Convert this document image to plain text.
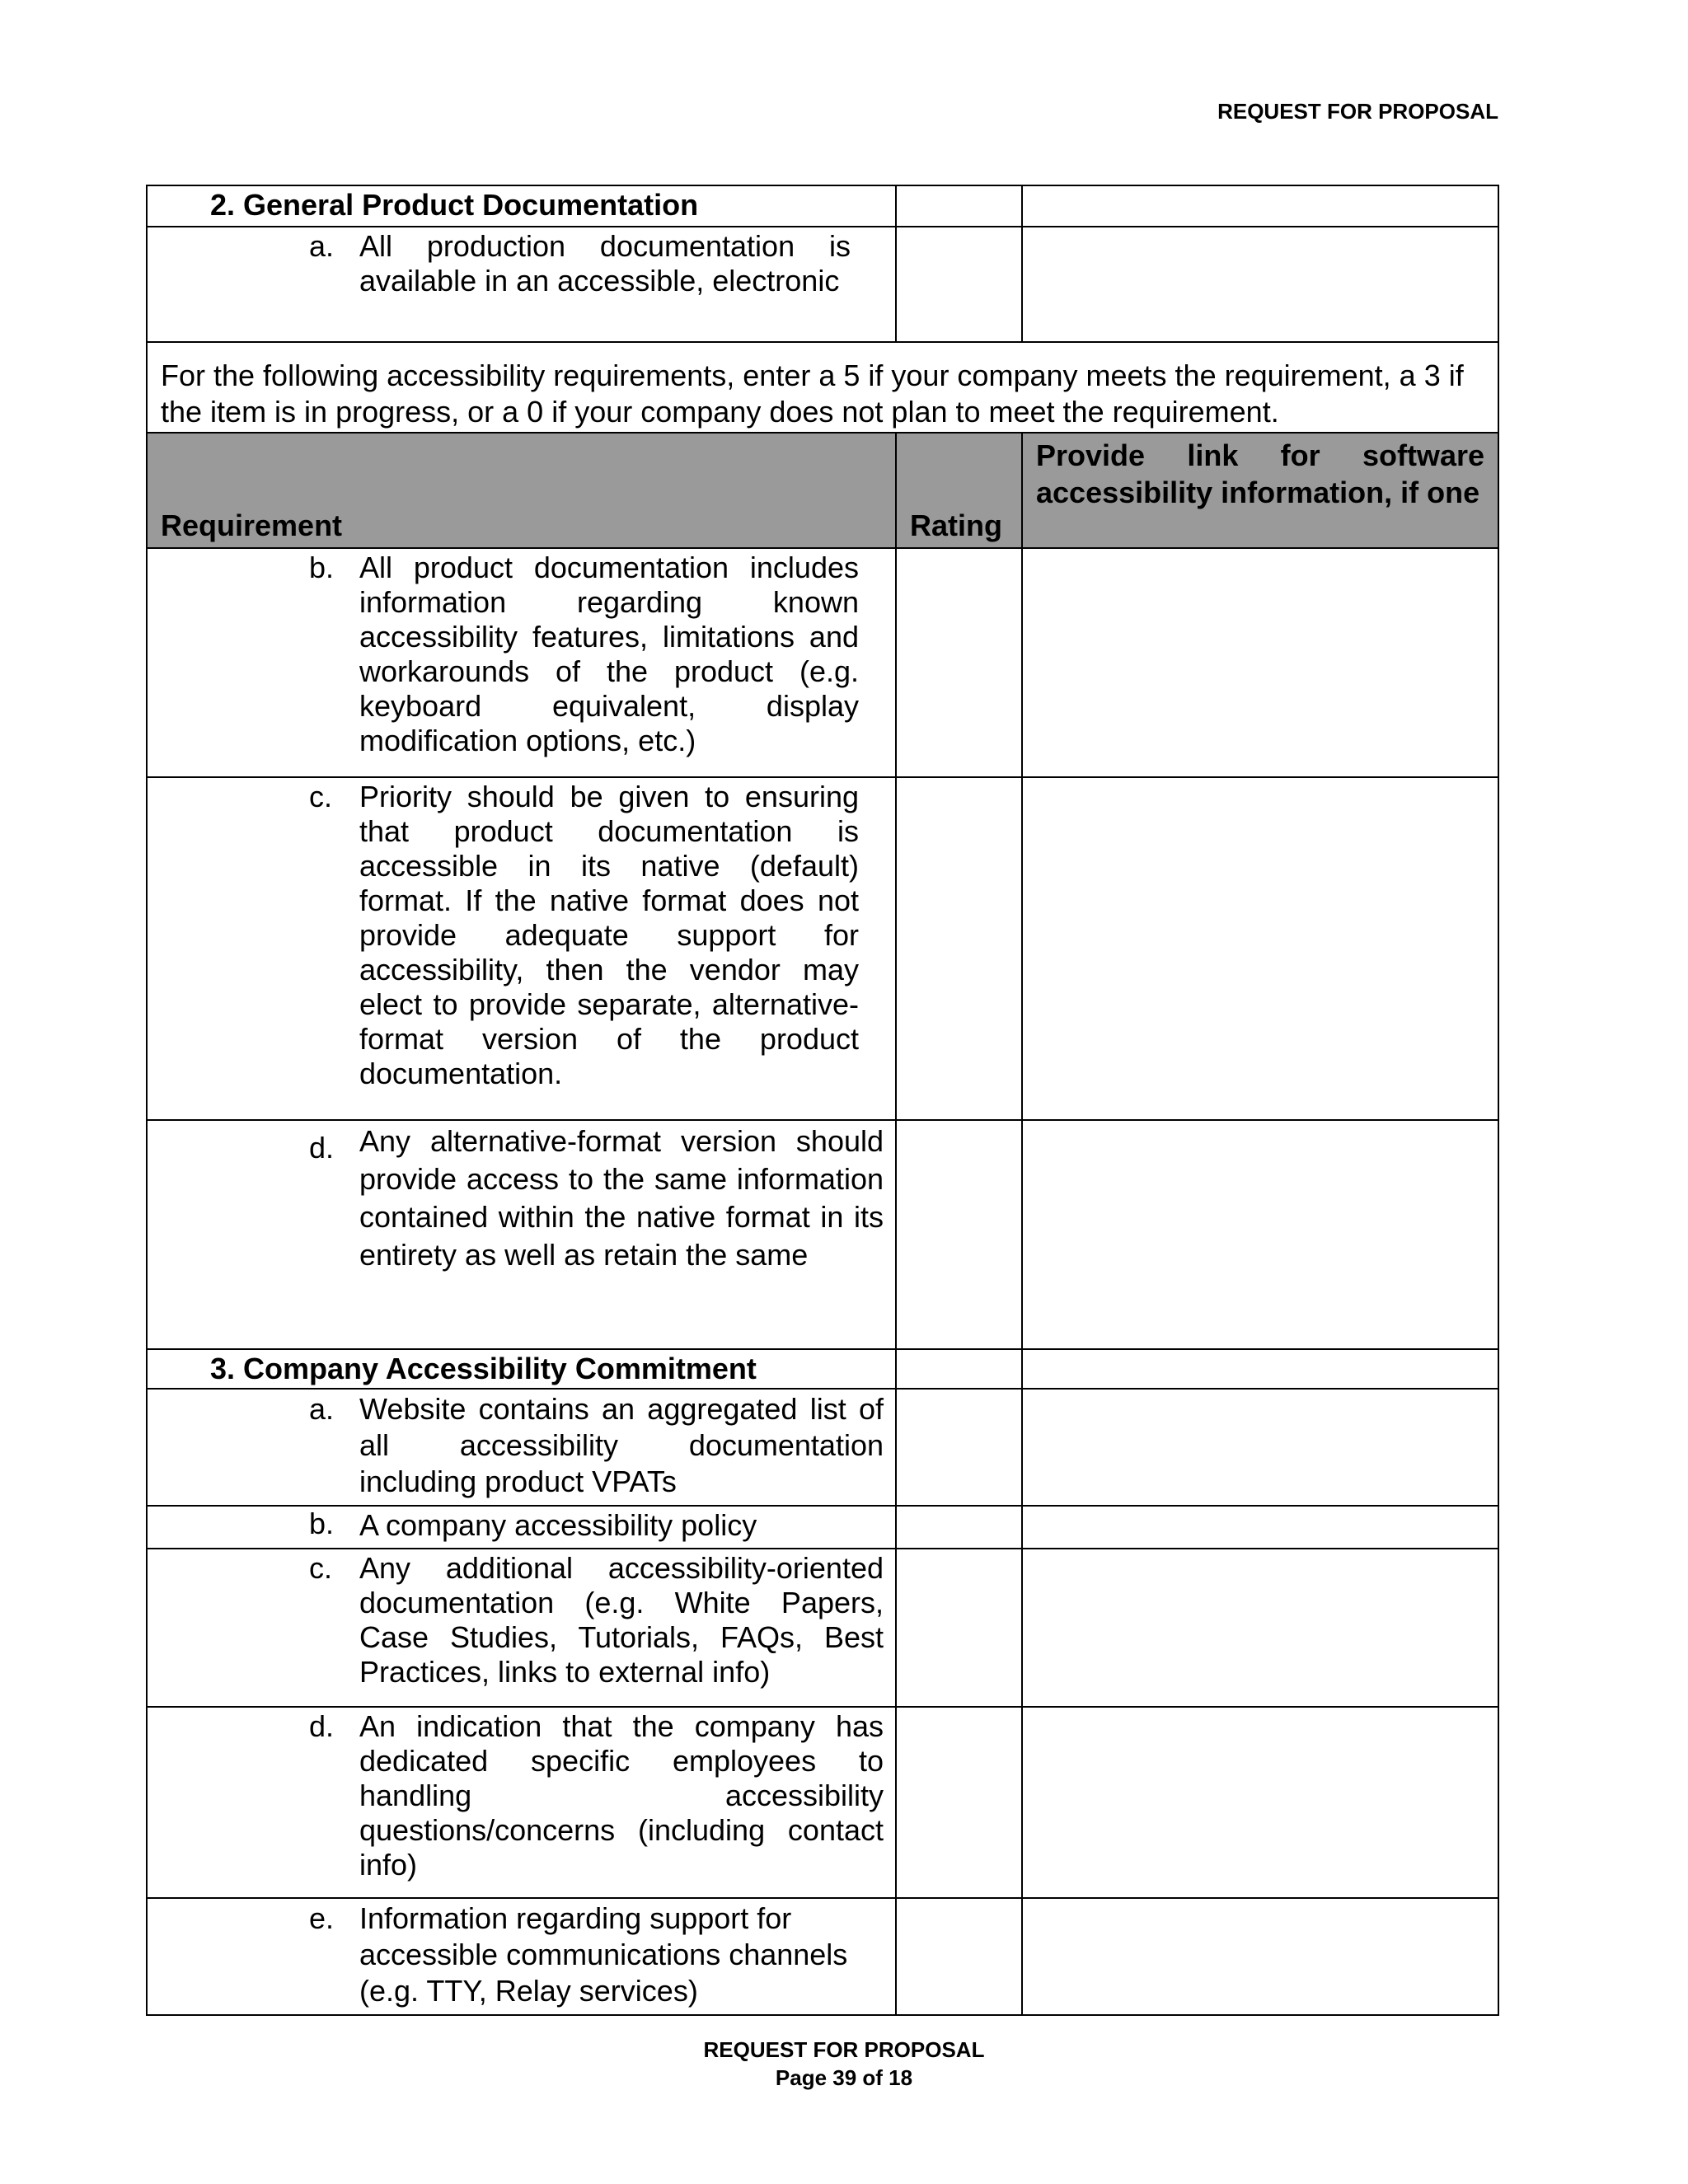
REQUEST FOR PROPOSAL
2. General Product Documentation		

a. All production documentation is available in an accessible, electronic		

For the following accessibility requirements, enter a 5 if your company meets the requirement, a 3 if the item is in progress, or a 0 if your company does not plan to meet the requirement.		
Requirement	Rating	Provide link for software accessibility information, if one

b. All product documentation includes information regarding known accessibility features, limitations and workarounds of the product (e.g. keyboard equivalent, display modification options, etc.)		

c. Priority should be given to ensuring that product documentation is accessible in its native (default) format. If the native format does not provide adequate support for accessibility, then the vendor may elect to provide separate, alternative- format version of the product documentation.		

d. Any alternative-format version should provide access to the same information contained within the native format in its entirety as well as retain the same		

3. Company Accessibility Commitment		

a. Website contains an aggregated list of all accessibility documentation including product VPATs		

b. A company accessibility policy		

c. Any additional accessibility-oriented documentation (e.g. White Papers, Case Studies, Tutorials, FAQs, Best Practices, links to external info)		

d. An indication that the company has dedicated specific employees to handling accessibility questions/concerns (including contact info)		

e. Information regarding support for accessible communications channels (e.g. TTY, Relay services)		

REQUEST FOR PROPOSAL
Page 39 of 18
